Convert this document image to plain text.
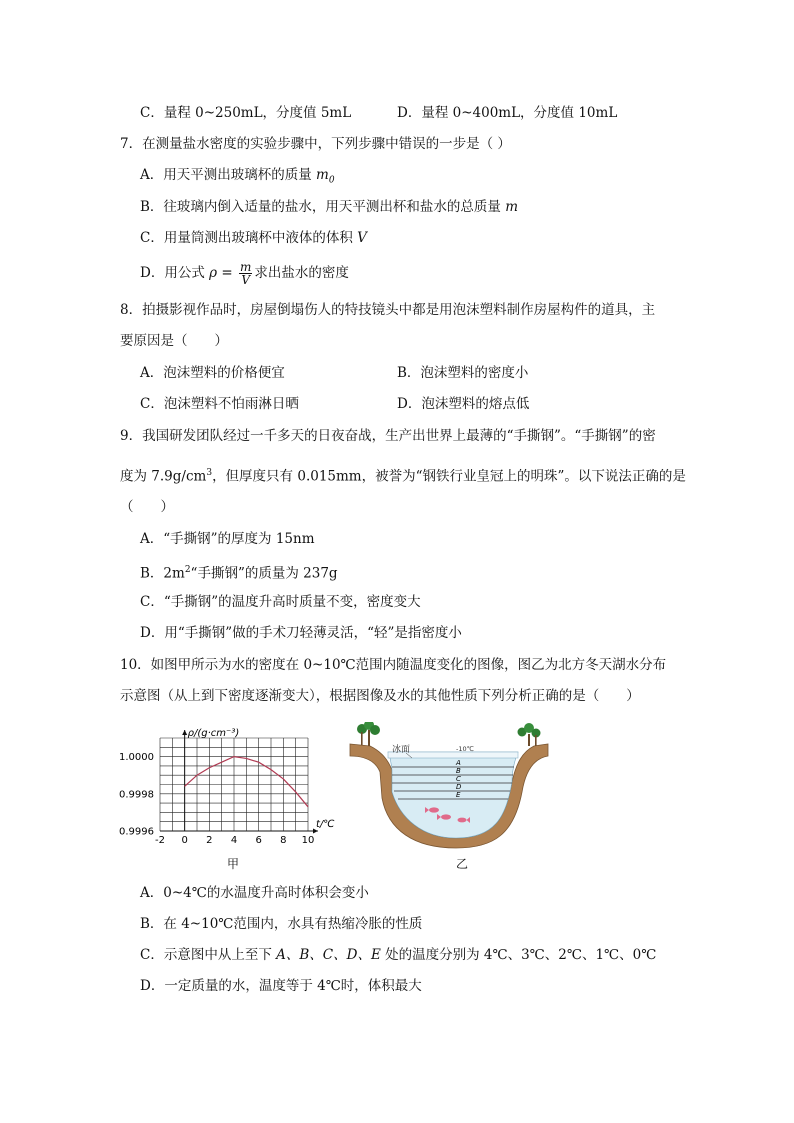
C．量程 0~250mL，分度值 5mL	D．量程 0~400mL，分度值 10mL
7．在测量盐水密度的实验步骤中，下列步骤中错误的一步是（ ）
A．用天平测出玻璃杯的质量 $m_0$
B．往玻璃内倒入适量的盐水，用天平测出杯和盐水的总质量 m
C．用量筒测出玻璃杯中液体的体积 V
D．用公式 $\rho = \frac{m}{V}$ 求出盐水的密度
8．拍摄影视作品时，房屋倒塌伤人的特技镜头中都是用泡沫塑料制作房屋构件的道具，主
要原因是（　　）
A．泡沫塑料的价格便宜	B．泡沫塑料的密度小
C．泡沫塑料不怕雨淋日晒	D．泡沫塑料的熔点低
9．我国研发团队经过一千多天的日夜奋战，生产出世界上最薄的“手撕钢”。“手撕钢”的密
度为 $7.9g/cm^3$，但厚度只有 0.015mm，被誉为“钢铁行业皇冠上的明珠”。以下说法正确的是
（　　）
A．“手撕钢”的厚度为 15nm
B．$2m^2“$手撕钢”的质量为 237g
C．“手撕钢”的温度升高时质量不变，密度变大
D．用“手撕钢”做的手术刀轻薄灵活，“轻”是指密度小
10．如图甲所示为水的密度在 0~10℃范围内随温度变化的图像，图乙为北方冬天湖水分布
示意图（从上到下密度逐渐变大），根据图像及水的其他性质下列分析正确的是（　　）
-2 0 2 4 6 8 10
1.0000
0.9998
0.9996
ρ/(g·cm⁻³)
t/℃
甲
A
B
C
D
E
冰面	-10℃
乙
A．0~4℃的水温度升高时体积会变小
B．在 4~10℃范围内，水具有热缩冷胀的性质
C．示意图中从上至下 A、B、C、D、E 处的温度分别为 4℃、3℃、2℃、1℃、0℃
D．一定质量的水，温度等于 4℃时，体积最大
